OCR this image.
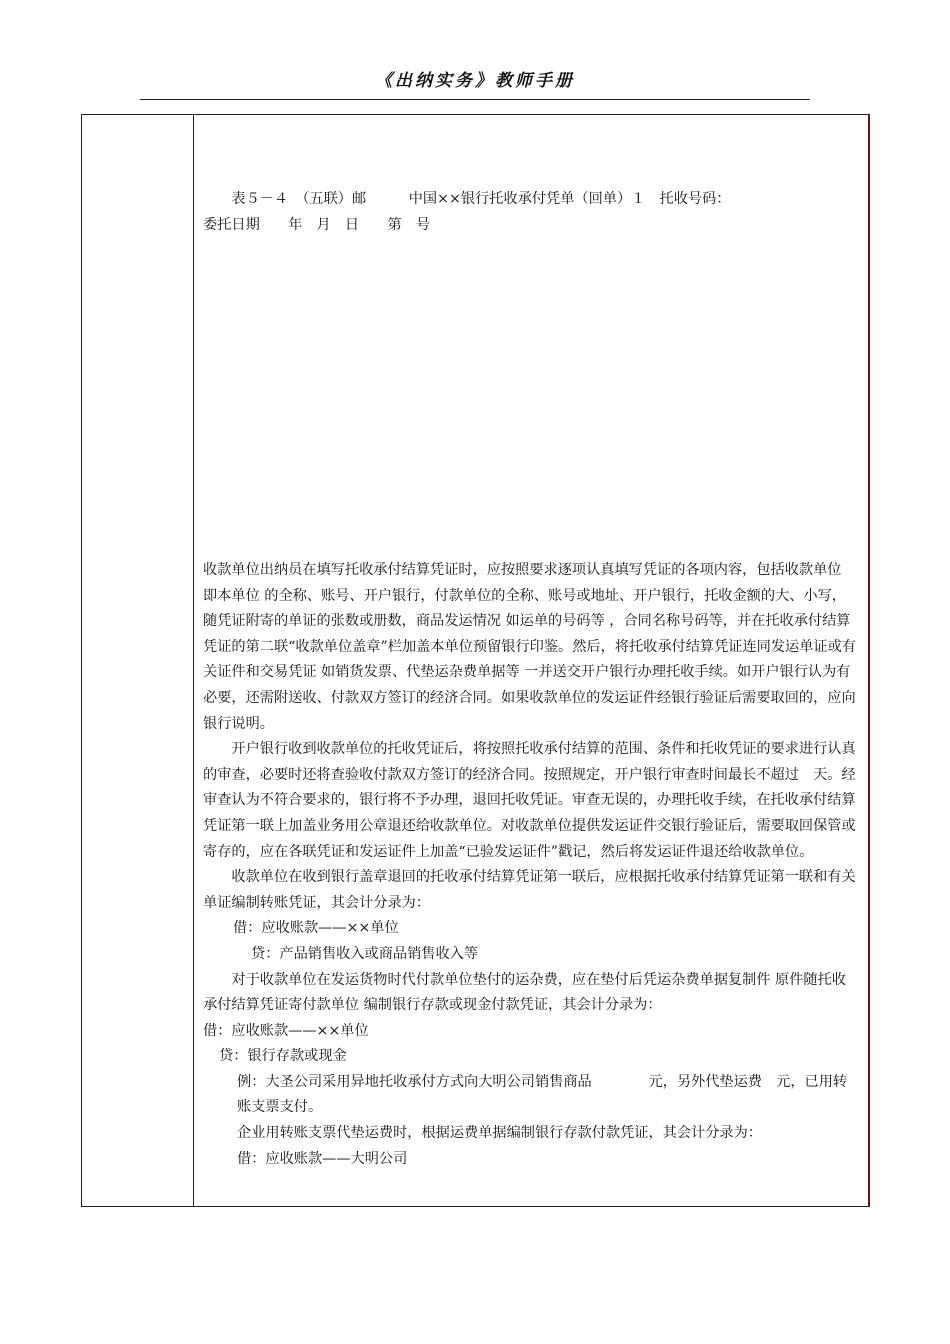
《出纳实务》教师手册

表５－４　（五联）邮　　　中国××银行托收承付凭单（回单）１　托收号码：

委托日期　　年　月　日　　第　号

收款单位出纳员在填写托收承付结算凭证时，应按照要求逐项认真填写凭证的各项内容，包括收款单位 即本单位 的全称、账号、开户银行，付款单位的全称、账号或地址、开户银行，托收金额的大、小写，随凭证附寄的单证的张数或册数，商品发运情况 如运单的号码等 ，合同名称号码等，并在托收承付结算凭证的第二联“收款单位盖章”栏加盖本单位预留银行印鉴。然后，将托收承付结算凭证连同发运单证或有关证件和交易凭证 如销货发票、代垫运杂费单据等 一并送交开户银行办理托收手续。如开户银行认为有必要，还需附送收、付款双方签订的经济合同。如果收款单位的发运证件经银行验证后需要取回的，应向银行说明。

开户银行收到收款单位的托收凭证后，将按照托收承付结算的范围、条件和托收凭证的要求进行认真的审查，必要时还将查验收付款双方签订的经济合同。按照规定，开户银行审查时间最长不超过　天。经审查认为不符合要求的，银行将不予办理，退回托收凭证。审查无误的，办理托收手续，在托收承付结算凭证第一联上加盖业务用公章退还给收款单位。对收款单位提供发运证件交银行验证后，需要取回保管或寄存的，应在各联凭证和发运证件上加盖“已验发运证件”戳记，然后将发运证件退还给收款单位。

收款单位在收到银行盖章退回的托收承付结算凭证第一联后，应根据托收承付结算凭证第一联和有关单证编制转账凭证，其会计分录为：

借：应收账款——××单位

贷：产品销售收入或商品销售收入等

对于收款单位在发运货物时代付款单位垫付的运杂费，应在垫付后凭运杂费单据复制件 原件随托收承付结算凭证寄付款单位 编制银行存款或现金付款凭证，其会计分录为：

借：应收账款——××单位

贷：银行存款或现金

例：大圣公司采用异地托收承付方式向大明公司销售商品　　　　元，另外代垫运费　元，已用转账支票支付。

企业用转账支票代垫运费时，根据运费单据编制银行存款付款凭证，其会计分录为：

借：应收账款——大明公司
